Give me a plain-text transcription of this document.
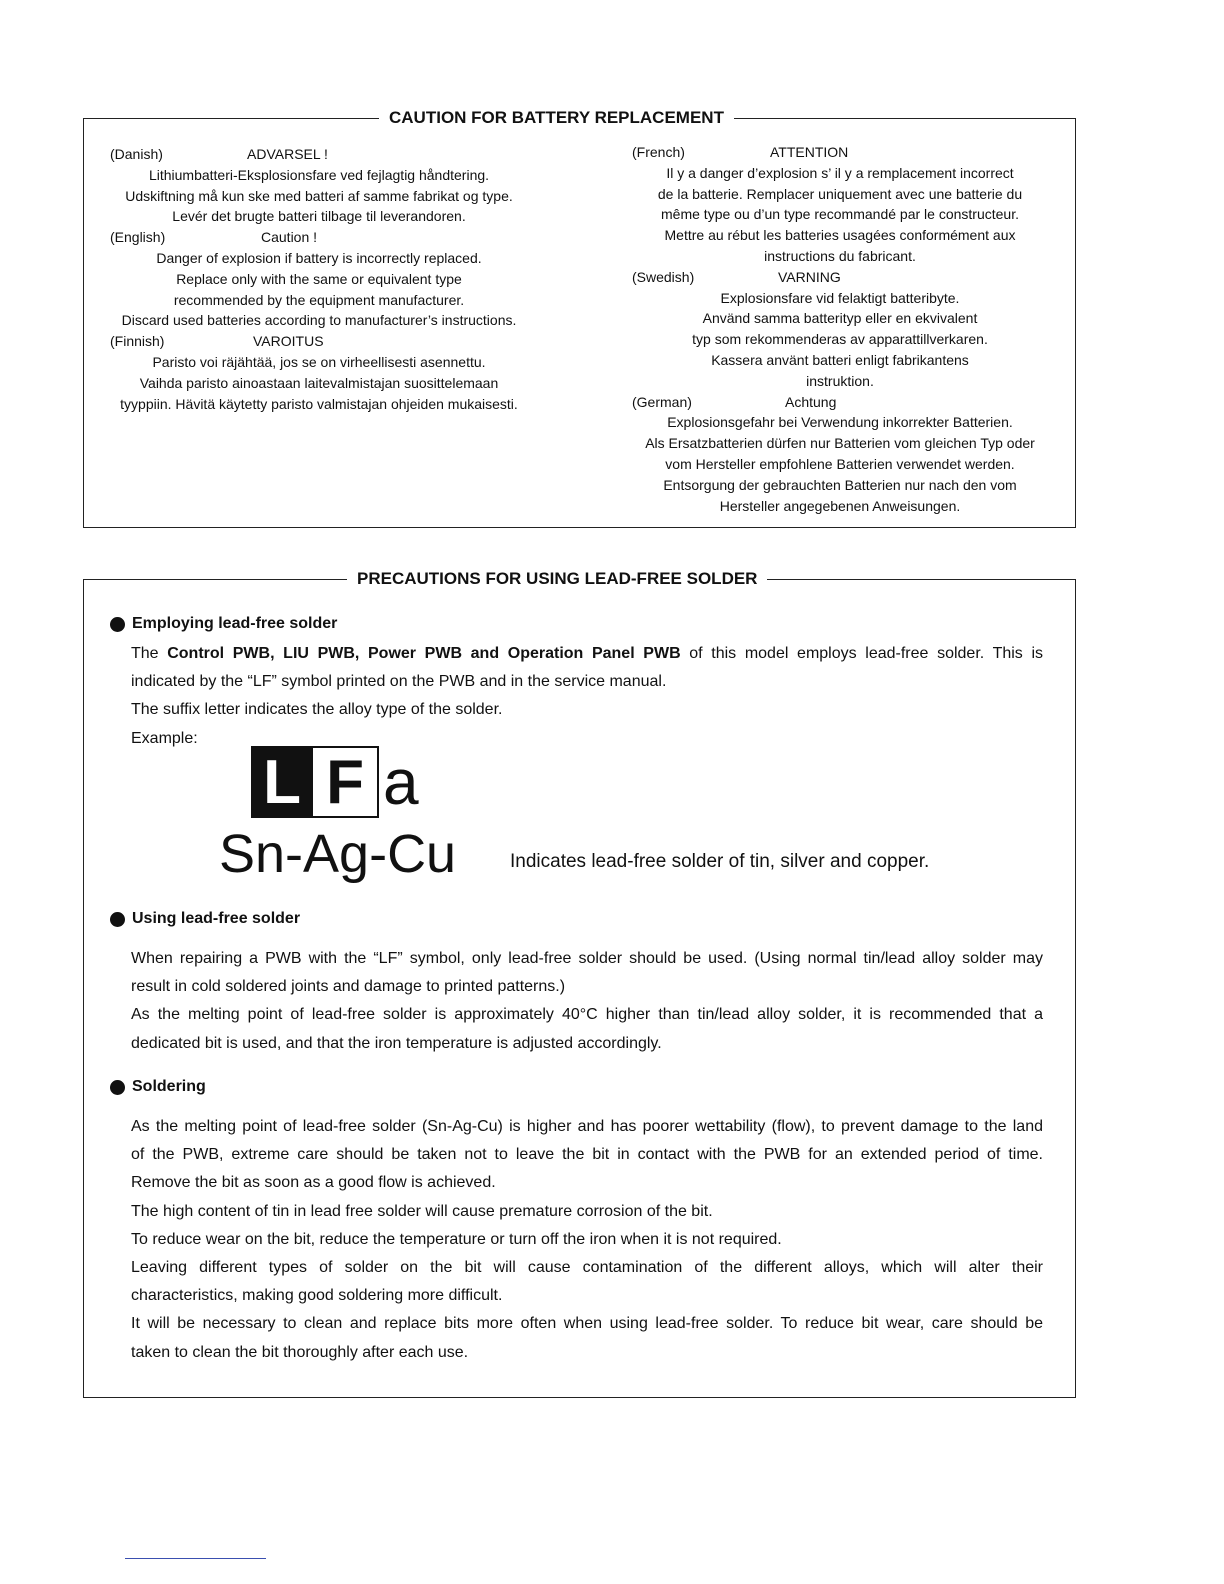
CAUTION FOR BATTERY REPLACEMENT
(Danish)	ADVARSEL !
Lithiumbatteri-Eksplosionsfare ved fejlagtig håndtering.
Udskiftning må kun ske med batteri af samme fabrikat og type.
Levér det brugte batteri tilbage til leverandoren.
(English)	Caution !
Danger of explosion if battery is incorrectly replaced.
Replace only with the same or equivalent type
recommended by the equipment manufacturer.
Discard used batteries according to manufacturer’s instructions.
(Finnish)	VAROITUS
Paristo voi räjähtää, jos se on virheellisesti asennettu.
Vaihda paristo ainoastaan laitevalmistajan suosittelemaan
tyyppiin. Hävitä käytetty paristo valmistajan ohjeiden mukaisesti.
(French)	ATTENTION
Il y a danger d’explosion s’ il y a remplacement incorrect
de la batterie. Remplacer uniquement avec une batterie du
même type ou d’un type recommandé par le constructeur.
Mettre au rébut les batteries usagées conformément aux
instructions du fabricant.
(Swedish)	VARNING
Explosionsfare vid felaktigt batteribyte.
Använd samma batterityp eller en ekvivalent
typ som rekommenderas av apparattillverkaren.
Kassera använt batteri enligt fabrikantens
instruktion.
(German)	Achtung
Explosionsgefahr bei Verwendung inkorrekter Batterien.
Als Ersatzbatterien dürfen nur Batterien vom gleichen Typ oder
vom Hersteller empfohlene Batterien verwendet werden.
Entsorgung der gebrauchten Batterien nur nach den vom
Hersteller angegebenen Anweisungen.
PRECAUTIONS FOR USING LEAD-FREE SOLDER
Employing lead-free solder
The Control PWB, LIU PWB, Power PWB and Operation Panel PWB of this model employs lead-free solder. This is
indicated by the “LF” symbol printed on the PWB and in the service manual.
The suffix letter indicates the alloy type of the solder.
Example:
L F a
Sn-Ag-Cu	Indicates lead-free solder of tin, silver and copper.
Using lead-free solder
When repairing a PWB with the “LF” symbol, only lead-free solder should be used. (Using normal tin/lead alloy solder may
result in cold soldered joints and damage to printed patterns.)
As the melting point of lead-free solder is approximately 40°C higher than tin/lead alloy solder, it is recommended that a
dedicated bit is used, and that the iron temperature is adjusted accordingly.
Soldering
As the melting point of lead-free solder (Sn-Ag-Cu) is higher and has poorer wettability (flow), to prevent damage to the land
of the PWB, extreme care should be taken not to leave the bit in contact with the PWB for an extended period of time.
Remove the bit as soon as a good flow is achieved.
The high content of tin in lead free solder will cause premature corrosion of the bit.
To reduce wear on the bit, reduce the temperature or turn off the iron when it is not required.
Leaving different types of solder on the bit will cause contamination of the different alloys, which will alter their
characteristics, making good soldering more difficult.
It will be necessary to clean and replace bits more often when using lead-free solder. To reduce bit wear, care should be
taken to clean the bit thoroughly after each use.
